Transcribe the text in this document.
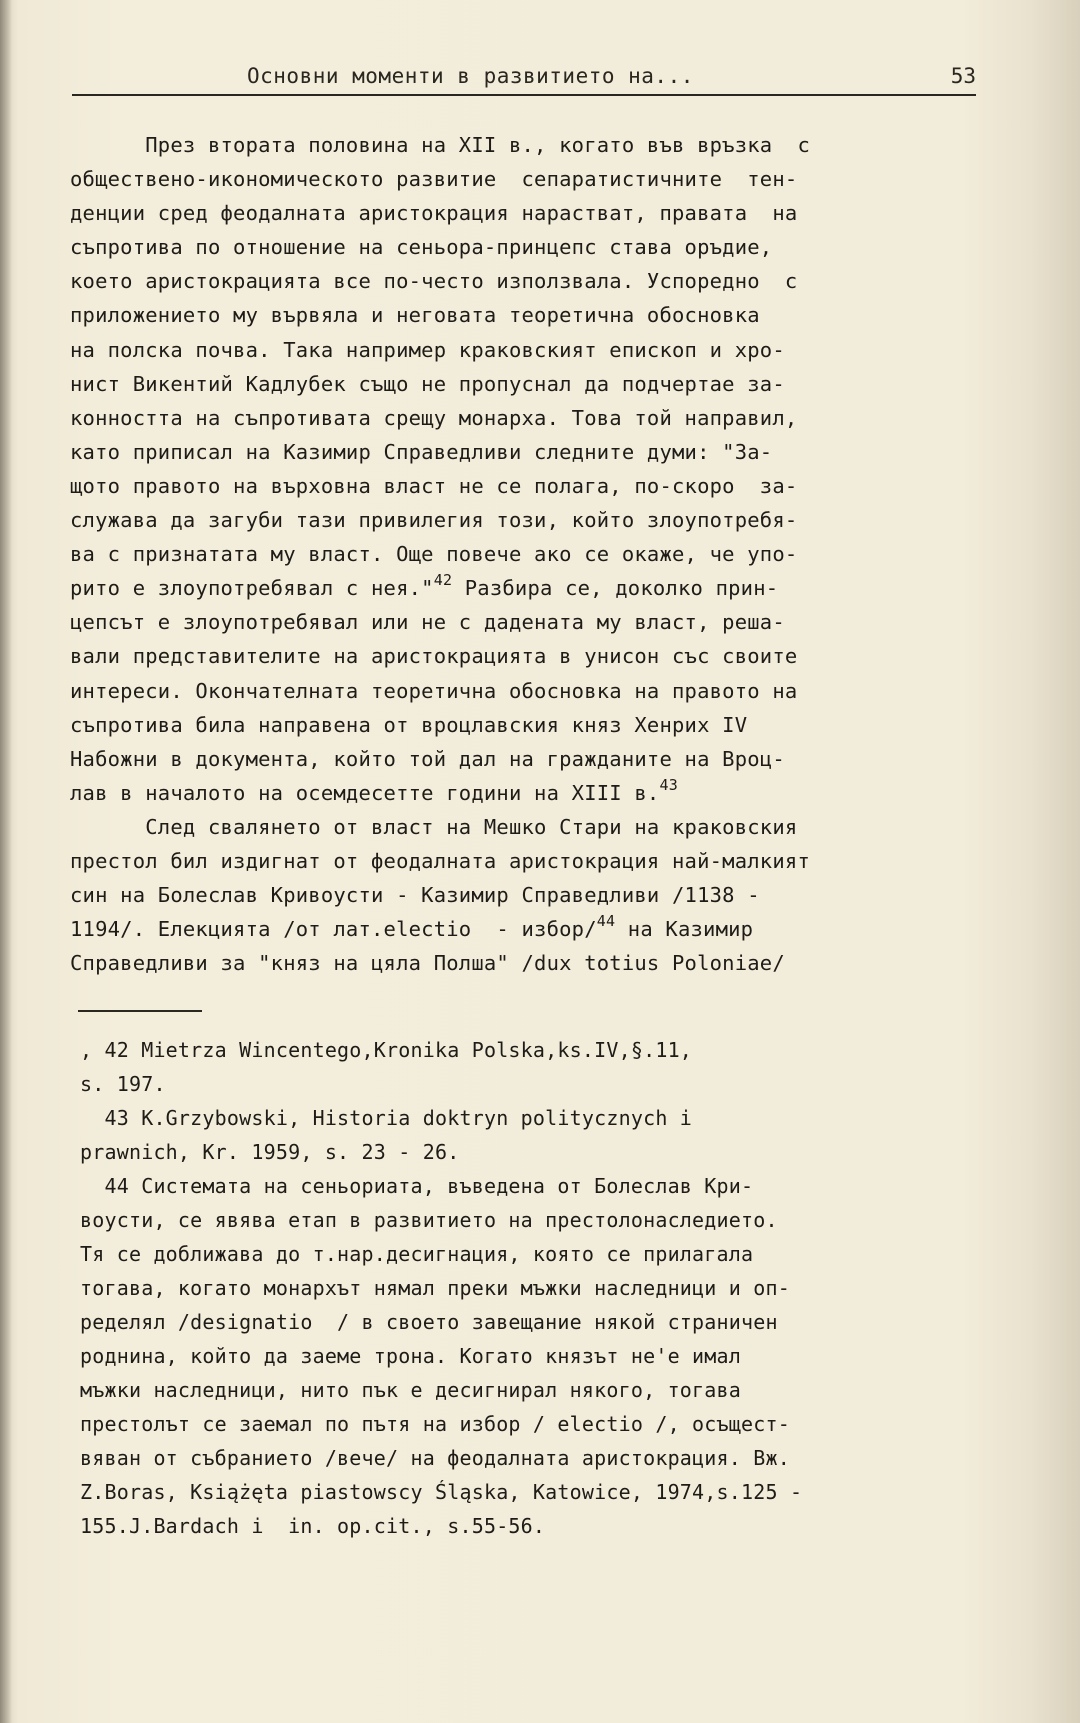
Основни моменти в развитието на...	53
През втората половина на XII в., когато във връзка  с
обществено-икономическото развитие  сепаратистичните  тен-
денции сред феодалната аристокрация нарастват, правата  на
съпротива по отношение на сеньора-принцепс става оръдие,
което аристокрацията все по-често използвала. Успоредно  с
приложението му вървяла и неговата теоретична обосновка
на полска почва. Така например краковският епископ и хро-
нист Викентий Кадлубек също не пропуснал да подчертае за-
конността на съпротивата срещу монарха. Това той направил,
като приписал на Казимир Справедливи следните думи: "За-
щото правото на върховна власт не се полага, по-скоро  за-
служава да загуби тази привилегия този, който злоупотребя-
ва с признатата му власт. Още повече ако се окаже, че упо-
рито е злоупотребявал с нея."$^{42}$ Разбира се, доколко прин-
цепсът е злоупотребявал или не с дадената му власт, реша-
вали представителите на аристокрацията в унисон със своите
интереси. Окончателната теоретична обосновка на правото на
съпротива била направена от вроцлавския княз Хенрих IV
Набожни в документа, който той дал на гражданите на Вроц-
лав в началото на осемдесетте години на XIII в.$^{43}$
След свалянето от власт на Мешко Стари на краковския
престол бил издигнат от феодалната аристокрация най-малкият
син на Болеслав Кривоусти - Казимир Справедливи /1138 -
1194/. Елекцията /от лат.electio  - избор/$^{44}$ на Казимир
Справедливи за "княз на цяла Полша" /dux totius Poloniae/
, 42 Mietrza Wincentego,Kronika Polska,ks.IV,§.11,
s. 197.
43 K.Grzybowski, Historia doktryn politycznych i
prawnich, Kr. 1959, s. 23 - 26.
44 Системата на сеньориата, въведена от Болеслав Кри-
воусти, се явява етап в развитието на престолонаследието.
Тя се доближава до т.нар.десигнация, която се прилагала
тогава, когато монархът нямал преки мъжки наследници и оп-
ределял /designatio  / в своето завещание някой страничен
роднина, който да заеме трона. Когато князът не'е имал
мъжки наследници, нито пък е десигнирал някого, тогава
престолът се заемал по пътя на избор / electio /, осъщест-
вяван от събранието /вече/ на феодалната аристокрация. Вж.
Z.Boras, Książęta piastowscy Śląska, Katowice, 1974,s.125 -
155.J.Bardach i  in. op.cit., s.55-56.
